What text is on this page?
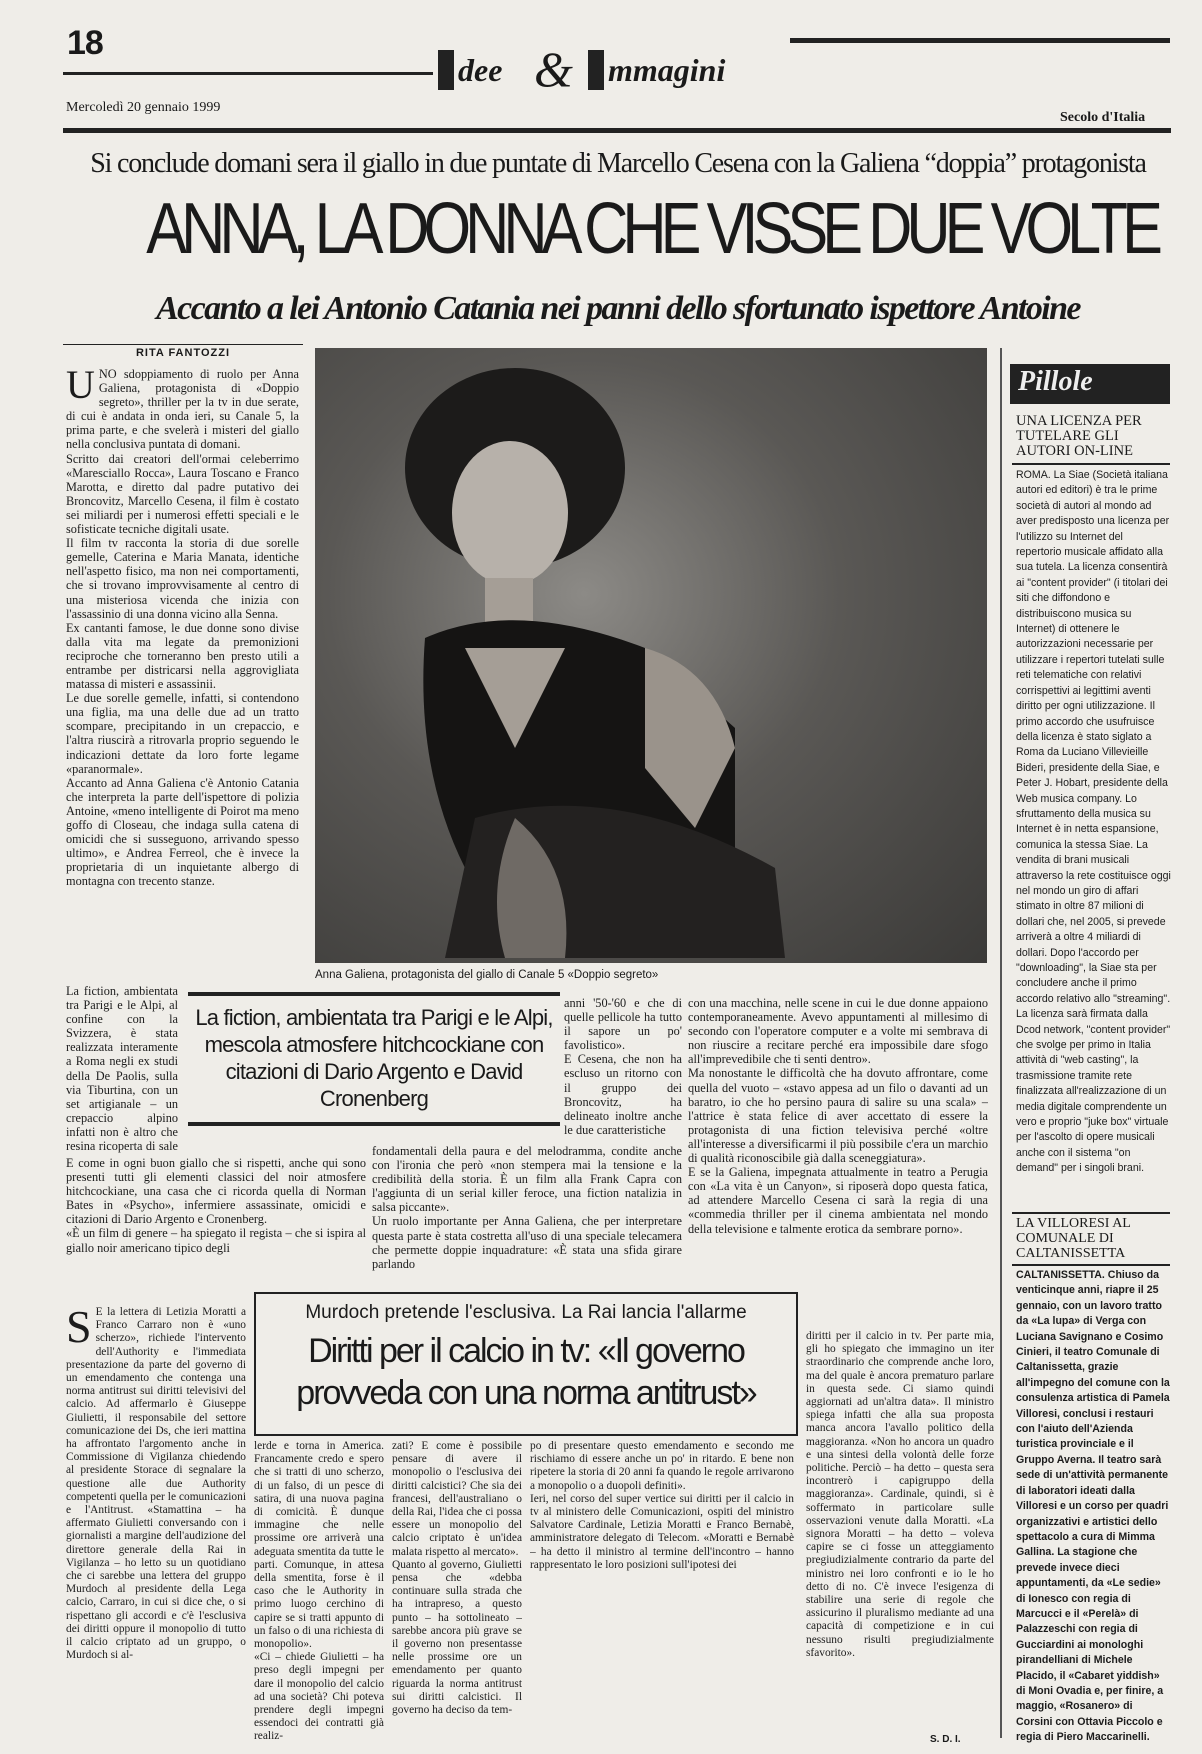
18
dee & mmagini
Mercoledì 20 gennaio 1999
Secolo d'Italia
Si conclude domani sera il giallo in due puntate di Marcello Cesena con la Galiena “doppia” protagonista
ANNA, LA DONNA CHE VISSE DUE VOLTE
Accanto a lei Antonio Catania nei panni dello sfortunato ispettore Antoine
RITA FANTOZZI
UNO sdoppiamento di ruolo per Anna Galiena, protagonista di «Doppio segreto», thriller per la tv in due serate, di cui è andata in onda ieri, su Canale 5, la prima parte, e che svelerà i misteri del giallo nella conclusiva puntata di domani.
Scritto dai creatori dell'ormai celeberrimo «Maresciallo Rocca», Laura Toscano e Franco Marotta, e diretto dal padre putativo dei Broncovitz, Marcello Cesena, il film è costato sei miliardi per i numerosi effetti speciali e le sofisticate tecniche digitali usate.
Il film tv racconta la storia di due sorelle gemelle, Caterina e Maria Manata, identiche nell'aspetto fisico, ma non nei comportamenti, che si trovano improvvisamente al centro di una misteriosa vicenda che inizia con l'assassinio di una donna vicino alla Senna.
Ex cantanti famose, le due donne sono divise dalla vita ma legate da premonizioni reciproche che torneranno ben presto utili a entrambe per districarsi nella aggrovigliata matassa di misteri e assassinii.
Le due sorelle gemelle, infatti, si contendono una figlia, ma una delle due ad un tratto scompare, precipitando in un crepaccio, e l'altra riuscirà a ritrovarla proprio seguendo le indicazioni dettate da loro forte legame «paranormale».
Accanto ad Anna Galiena c'è Antonio Catania che interpreta la parte dell'ispettore di polizia Antoine, «meno intelligente di Poirot ma meno goffo di Closeau, che indaga sulla catena di omicidi che si susseguono, arrivando spesso ultimo», e Andrea Ferreol, che è invece la proprietaria di un inquietante albergo di montagna con trecento stanze.
Anna Galiena, protagonista del giallo di Canale 5 «Doppio segreto»
La fiction, ambientata tra Parigi e le Alpi, al confine con la Svizzera, è stata realizzata interamente a Roma negli ex studi della De Paolis, sulla via Tiburtina, con un set artigianale – un crepaccio alpino infatti non è altro che resina ricoperta di sale
La fiction, ambientata tra Parigi e le Alpi, mescola atmosfere hitchcockiane con citazioni di Dario Argento e David Cronenberg
anni '50-'60 e che di quelle pellicole ha tutto il sapore un po' favolistico».
E Cesena, che non ha escluso un ritorno con il gruppo dei Broncovitz, ha delineato inoltre anche le due caratteristiche
E come in ogni buon giallo che si rispetti, anche qui sono presenti tutti gli elementi classici del noir atmosfere hitchcockiane, una casa che ci ricorda quella di Norman Bates in «Psycho», infermiere assassinate, omicidi e citazioni di Dario Argento e Cronenberg.
«È un film di genere – ha spiegato il regista – che si ispira al giallo noir americano tipico degli
fondamentali della paura e del melodramma, condite anche con l'ironia che però «non stempera mai la tensione e la credibilità della storia. È un film alla Frank Capra con l'aggiunta di un serial killer feroce, una fiction natalizia in salsa piccante».
Un ruolo importante per Anna Galiena, che per interpretare questa parte è stata costretta all'uso di una speciale telecamera che permette doppie inquadrature: «È stata una sfida girare parlando
con una macchina, nelle scene in cui le due donne appaiono contemporaneamente. Avevo appuntamenti al millesimo di secondo con l'operatore computer e a volte mi sembrava di non riuscire a recitare perché era impossibile dare sfogo all'imprevedibile che ti senti dentro».
Ma nonostante le difficoltà che ha dovuto affrontare, come quella del vuoto – «stavo appesa ad un filo o davanti ad un baratro, io che ho persino paura di salire su una scala» – l'attrice è stata felice di aver accettato di essere la protagonista di una fiction televisiva perché «oltre all'interesse a diversificarmi il più possibile c'era un marchio di qualità riconoscibile già dalla sceneggiatura».
E se la Galiena, impegnata attualmente in teatro a Perugia con «La vita è un Canyon», si riposerà dopo questa fatica, ad attendere Marcello Cesena ci sarà la regia di una «commedia thriller per il cinema ambientata nel mondo della televisione e talmente erotica da sembrare porno».
Pillole
UNA LICENZA PER TUTELARE GLI AUTORI ON-LINE
ROMA. La Siae (Società italiana autori ed editori) è tra le prime società di autori al mondo ad aver predisposto una licenza per l'utilizzo su Internet del repertorio musicale affidato alla sua tutela. La licenza consentirà ai "content provider" (i titolari dei siti che diffondono e distribuiscono musica su Internet) di ottenere le autorizzazioni necessarie per utilizzare i repertori tutelati sulle reti telematiche con relativi corrispettivi ai legittimi aventi diritto per ogni utilizzazione. Il primo accordo che usufruisce della licenza è stato siglato a Roma da Luciano Villevieille Bideri, presidente della Siae, e Peter J. Hobart, presidente della Web musica company. Lo sfruttamento della musica su Internet è in netta espansione, comunica la stessa Siae. La vendita di brani musicali attraverso la rete costituisce oggi nel mondo un giro di affari stimato in oltre 87 milioni di dollari che, nel 2005, si prevede arriverà a oltre 4 miliardi di dollari. Dopo l'accordo per "downloading", la Siae sta per concludere anche il primo accordo relativo allo "streaming". La licenza sarà firmata dalla Dcod network, "content provider" che svolge per primo in Italia attività di "web casting", la trasmissione tramite rete finalizzata all'realizzazione di un media digitale comprendente un vero e proprio "juke box" virtuale per l'ascolto di opere musicali anche con il sistema "on demand" per i singoli brani.
LA VILLORESI AL COMUNALE DI CALTANISSETTA
CALTANISSETTA. Chiuso da venticinque anni, riapre il 25 gennaio, con un lavoro tratto da «La lupa» di Verga con Luciana Savignano e Cosimo Cinieri, il teatro Comunale di Caltanissetta, grazie all'impegno del comune con la consulenza artistica di Pamela Villoresi, conclusi i restauri con l'aiuto dell'Azienda turistica provinciale e il Gruppo Averna. Il teatro sarà sede di un'attività permanente di laboratori ideati dalla Villoresi e un corso per quadri organizzativi e artistici dello spettacolo a cura di Mimma Gallina. La stagione che prevede invece dieci appuntamenti, da «Le sedie» di Ionesco con regia di Marcucci e il «Perelà» di Palazzeschi con regia di Gucciardini ai monologhi pirandelliani di Michele Placido, il «Cabaret yiddish» di Moni Ovadia e, per finire, a maggio, «Rosanero» di Corsini con Ottavia Piccolo e regia di Piero Maccarinelli.
S E la lettera di Letizia Moratti a Franco Carraro non è «uno scherzo», richiede l'intervento dell'Authority e l'immediata presentazione da parte del governo di un emendamento che contenga una norma antitrust sui diritti televisivi del calcio. Ad affermarlo è Giuseppe Giulietti, il responsabile del settore comunicazione dei Ds, che ieri mattina ha affrontato l'argomento anche in Commissione di Vigilanza chiedendo al presidente Storace di segnalare la questione alle due Authority competenti quella per le comunicazioni e l'Antitrust. «Stamattina – ha affermato Giulietti conversando con i giornalisti a margine dell'audizione del direttore generale della Rai in Vigilanza – ho letto su un quotidiano che ci sarebbe una lettera del gruppo Murdoch al presidente della Lega calcio, Carraro, in cui si dice che, o si rispettano gli accordi e c'è l'esclusiva dei diritti oppure il monopolio di tutto il calcio criptato ad un gruppo, o Murdoch si al-
Murdoch pretende l'esclusiva. La Rai lancia l'allarme
Diritti per il calcio in tv: «Il governo provveda con una norma antitrust»
lerde e torna in America. Francamente credo e spero che si tratti di uno scherzo, di un falso, di un pesce di satira, di una nuova pagina di comicità. È dunque immagine che nelle prossime ore arriverà una adeguata smentita da tutte le parti. Comunque, in attesa della smentita, forse è il caso che le Authority in primo luogo cerchino di capire se si tratti appunto di un falso o di una richiesta di monopolio».
«Ci – chiede Giulietti – ha preso degli impegni per dare il monopolio del calcio ad una società? Chi poteva prendere degli impegni essendoci dei contratti già realiz-
zati? E come è possibile pensare di avere il monopolio o l'esclusiva dei diritti calcistici? Che sia dei francesi, dell'australiano o della Rai, l'idea che ci possa essere un monopolio del calcio criptato è un'idea malata rispetto al mercato».
Quanto al governo, Giulietti pensa che «debba continuare sulla strada che ha intrapreso, a questo punto – ha sottolineato – sarebbe ancora più grave se il governo non presentasse nelle prossime ore un emendamento per quanto riguarda la norma antitrust sui diritti calcistici. Il governo ha deciso da tem-
po di presentare questo emendamento e secondo me rischiamo di essere anche un po' in ritardo. E bene non ripetere la storia di 20 anni fa quando le regole arrivarono a monopolio o a duopoli definiti».
Ieri, nel corso del super vertice sui diritti per il calcio in tv al ministero delle Comunicazioni, ospiti del ministro Salvatore Cardinale, Letizia Moratti e Franco Bernabè, amministratore delegato di Telecom. «Moratti e Bernabè – ha detto il ministro al termine dell'incontro – hanno rappresentato le loro posizioni sull'ipotesi dei
diritti per il calcio in tv. Per parte mia, gli ho spiegato che immagino un iter straordinario che comprende anche loro, ma del quale è ancora prematuro parlare in questa sede. Ci siamo quindi aggiornati ad un'altra data». Il ministro spiega infatti che alla sua proposta manca ancora l'avallo politico della maggioranza. «Non ho ancora un quadro e una sintesi della volontà delle forze politiche. Perciò – ha detto – questa sera incontrerò i capigruppo della maggioranza». Cardinale, quindi, si è soffermato in particolare sulle osservazioni venute dalla Moratti. «La signora Moratti – ha detto – voleva capire se ci fosse un atteggiamento pregiudizialmente contrario da parte del ministro nei loro confronti e io le ho detto di no. C'è invece l'esigenza di stabilire una serie di regole che assicurino il pluralismo mediante ad una capacità di competizione e in cui nessuno risulti pregiudizialmente sfavorito».
S. D. I.
